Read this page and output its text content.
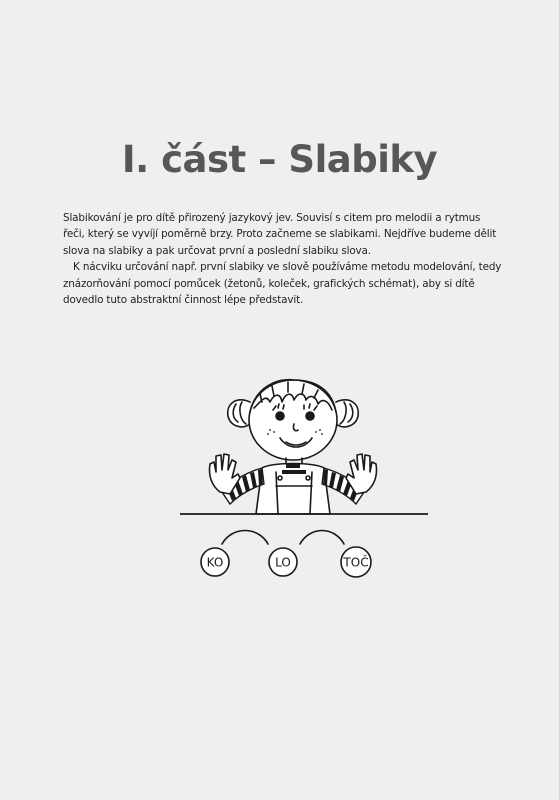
I. část – Slabiky

Slabikování je pro dítě přirozený jazykový jev. Souvisí s citem pro melodii a rytmus řeči, který se vyvíjí poměrně brzy. Proto začneme se slabikami. Nejdříve budeme dělit slova na slabiky a pak určovat první a poslední slabiku slova.

K nácviku určování např. první slabiky ve slově používáme metodu modelování, tedy znázorňování pomocí pomůcek (žetonů, koleček, grafických schémat), aby si dítě dovedlo tuto abstraktní činnost lépe představit.

KO	LO	TOČ
